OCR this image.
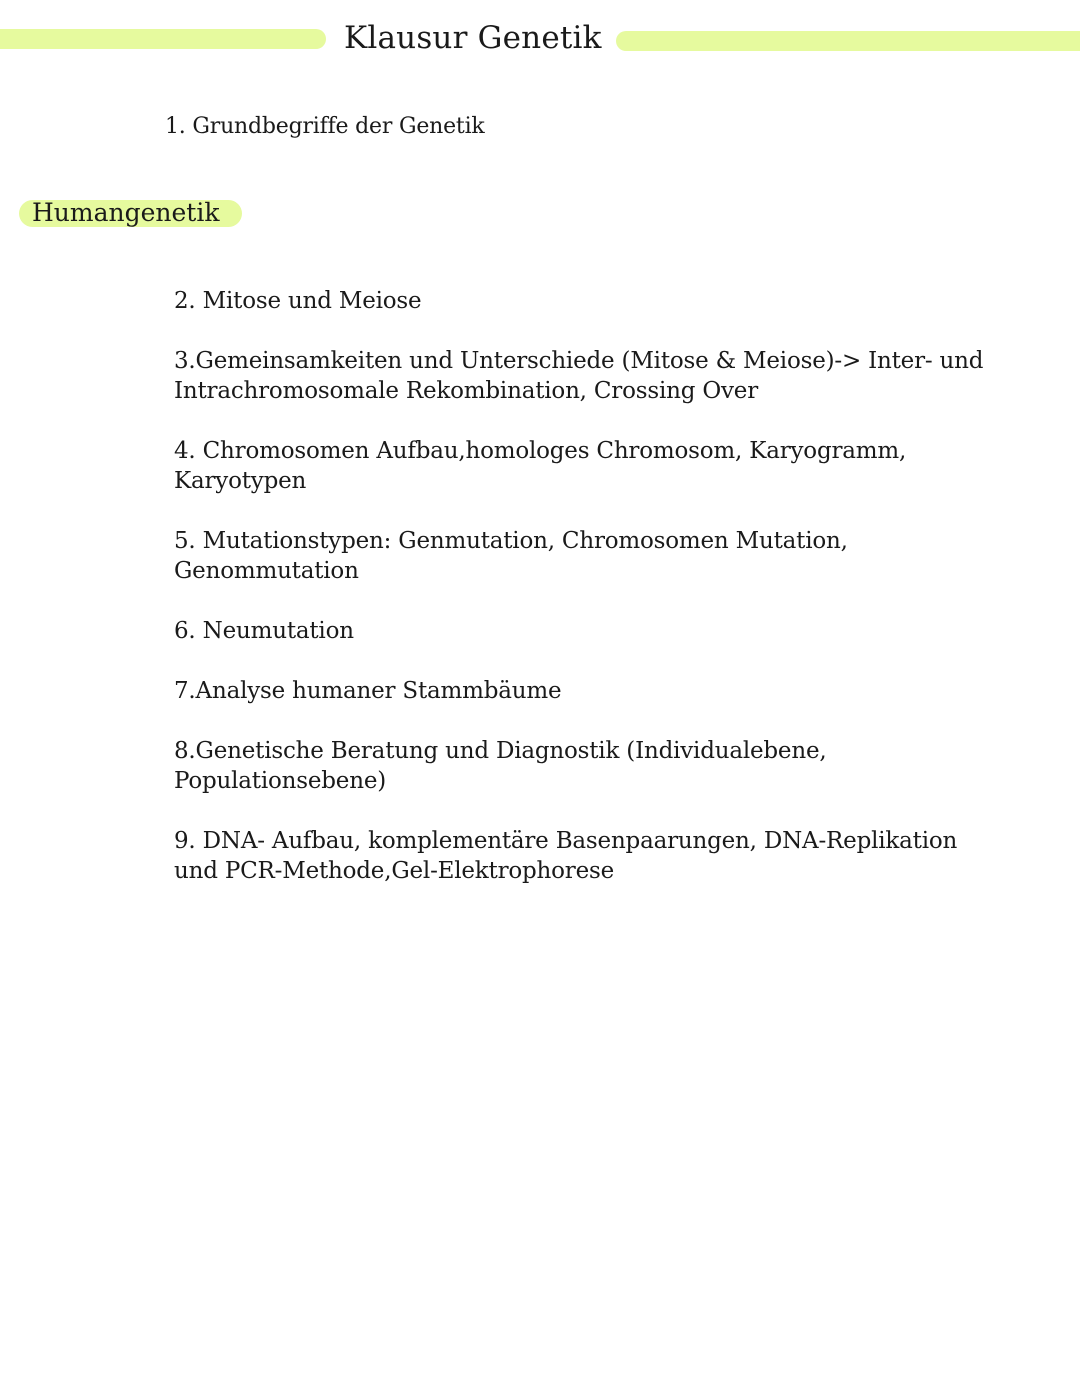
Klausur Genetik
1. Grundbegriffe der Genetik
Humangenetik
2. Mitose und Meiose
3.Gemeinsamkeiten und Unterschiede (Mitose & Meiose)-> Inter- und
Intrachromosomale Rekombination, Crossing Over
4. Chromosomen Aufbau,homologes Chromosom, Karyogramm,
Karyotypen
5. Mutationstypen: Genmutation, Chromosomen Mutation,
Genommutation
6. Neumutation
7.Analyse humaner Stammbäume
8.Genetische Beratung und Diagnostik (Individualebene,
Populationsebene)
9. DNA- Aufbau, komplementäre Basenpaarungen, DNA-Replikation
und PCR-Methode,Gel-Elektrophorese
